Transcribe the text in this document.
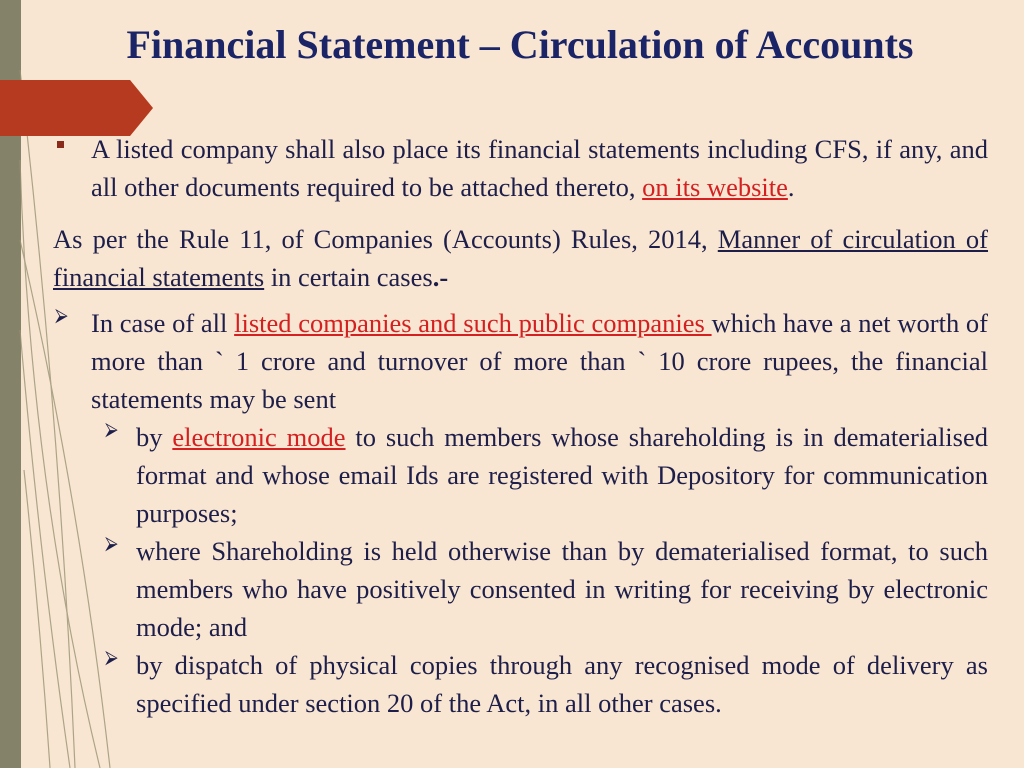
Financial Statement – Circulation of Accounts

A listed company shall also place its financial statements including CFS, if any, and all other documents required to be attached thereto, on its website.

As per the Rule 11, of Companies (Accounts) Rules, 2014, Manner of circulation of financial statements in certain cases.-

⮚ In case of all listed companies and such public companies which have a net worth of more than ` 1 crore and turnover of more than ` 10 crore rupees, the financial statements may be sent

⮚ by electronic mode to such members whose shareholding is in dematerialised format and whose email Ids are registered with Depository for communication purposes;

⮚ where Shareholding is held otherwise than by dematerialised format, to such members who have positively consented in writing for receiving by electronic mode; and

⮚ by dispatch of physical copies through any recognised mode of delivery as specified under section 20 of the Act, in all other cases.
